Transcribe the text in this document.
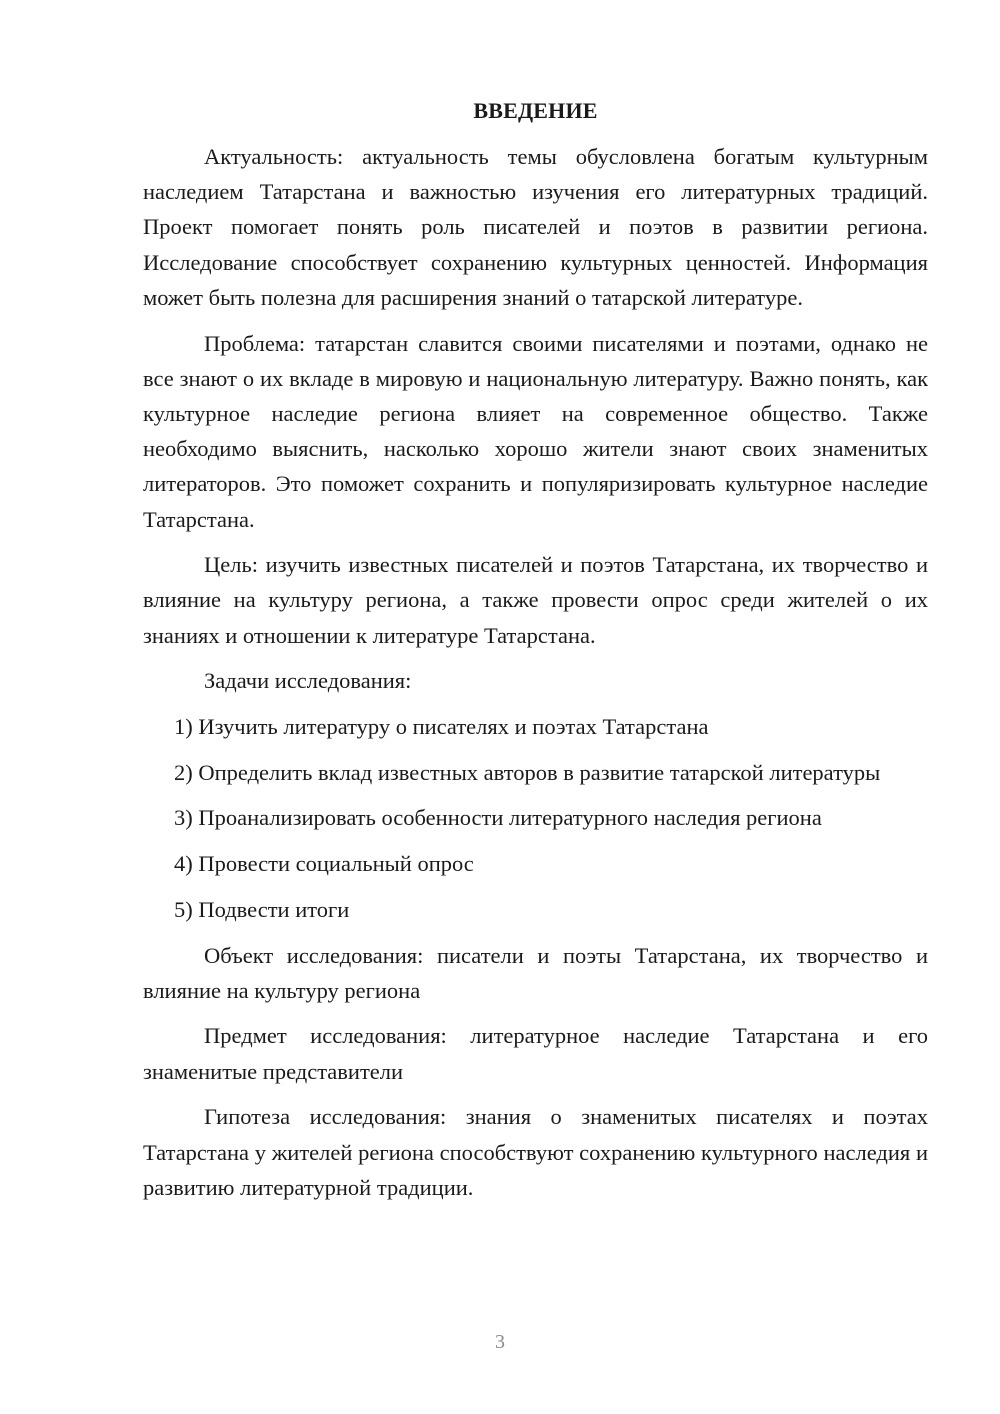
ВВЕДЕНИЕ

Актуальность: актуальность темы обусловлена богатым культурным наследием Татарстана и важностью изучения его литературных традиций. Проект помогает понять роль писателей и поэтов в развитии региона. Исследование способствует сохранению культурных ценностей. Информация может быть полезна для расширения знаний о татарской литературе.

Проблема: татарстан славится своими писателями и поэтами, однако не все знают о их вкладе в мировую и национальную литературу. Важно понять, как культурное наследие региона влияет на современное общество. Также необходимо выяснить, насколько хорошо жители знают своих знаменитых литераторов. Это поможет сохранить и популяризировать культурное наследие Татарстана.

Цель: изучить известных писателей и поэтов Татарстана, их творчество и влияние на культуру региона, а также провести опрос среди жителей о их знаниях и отношении к литературе Татарстана.

Задачи исследования:

1) Изучить литературу о писателях и поэтах Татарстана

2) Определить вклад известных авторов в развитие татарской литературы

3) Проанализировать особенности литературного наследия региона

4) Провести социальный опрос

5) Подвести итоги

Объект исследования: писатели и поэты Татарстана, их творчество и влияние на культуру региона

Предмет исследования: литературное наследие Татарстана и его знаменитые представители

Гипотеза исследования: знания о знаменитых писателях и поэтах Татарстана у жителей региона способствуют сохранению культурного наследия и развитию литературной традиции.

3
